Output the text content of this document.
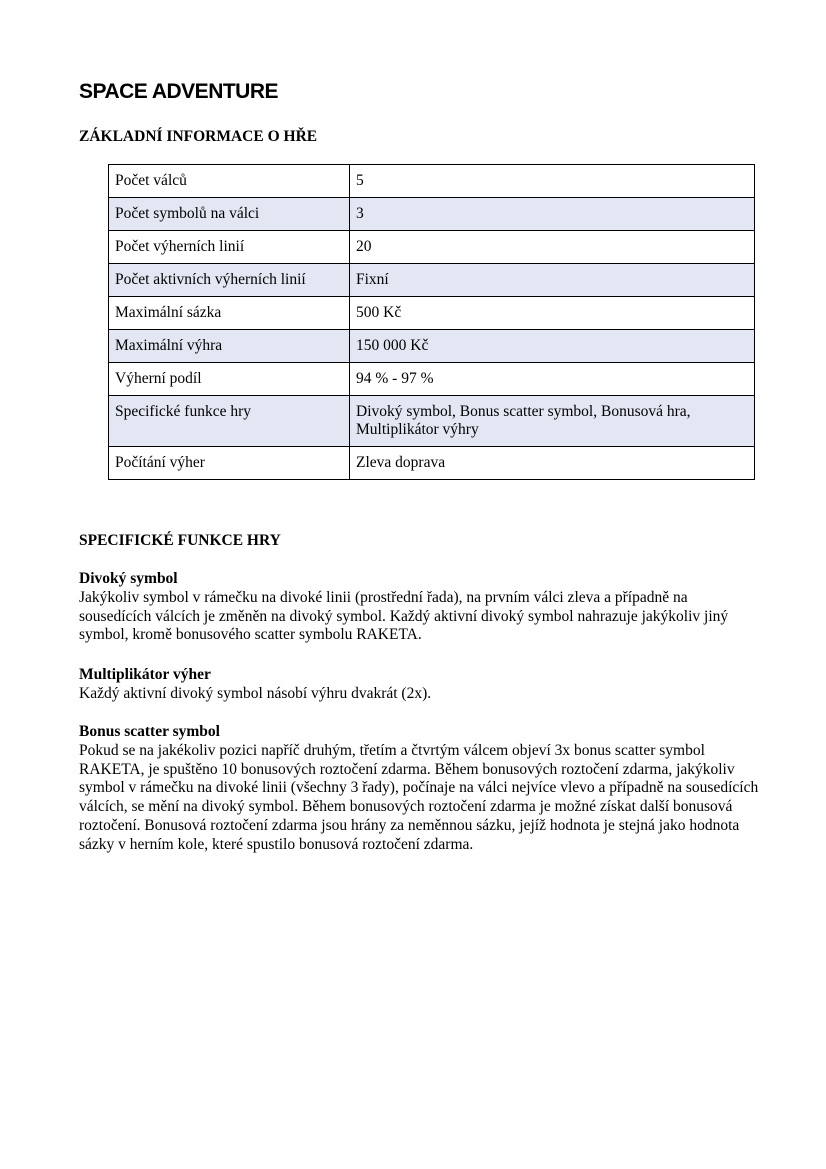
SPACE ADVENTURE
ZÁKLADNÍ INFORMACE O HŘE
Počet válců	5

Počet symbolů na válci	3

Počet výherních linií	20

Počet aktivních výherních linií	Fixní

Maximální sázka	500 Kč

Maximální výhra	150 000 Kč

Výherní podíl	94 % - 97 %

Specifické funkce hry	Divoký symbol, Bonus scatter symbol, Bonusová hra, Multiplikátor výhry

Počítání výher	Zleva doprava
SPECIFICKÉ FUNKCE HRY
Divoký symbol
Jakýkoliv symbol v rámečku na divoké linii (prostřední řada), na prvním válci zleva a případně na sousedících válcích je změněn na divoký symbol. Každý aktivní divoký symbol nahrazuje jakýkoliv jiný symbol, kromě bonusového scatter symbolu RAKETA.
Multiplikátor výher
Každý aktivní divoký symbol násobí výhru dvakrát (2x).
Bonus scatter symbol
Pokud se na jakékoliv pozici napříč druhým, třetím a čtvrtým válcem objeví 3x bonus scatter symbol RAKETA, je spuštěno 10 bonusových roztočení zdarma. Během bonusových roztočení zdarma, jakýkoliv symbol v rámečku na divoké linii (všechny 3 řady), počínaje na válci nejvíce vlevo a případně na sousedících válcích, se mění na divoký symbol. Během bonusových roztočení zdarma je možné získat další bonusová roztočení. Bonusová roztočení zdarma jsou hrány za neměnnou sázku, jejíž hodnota je stejná jako hodnota sázky v herním kole, které spustilo bonusová roztočení zdarma.
